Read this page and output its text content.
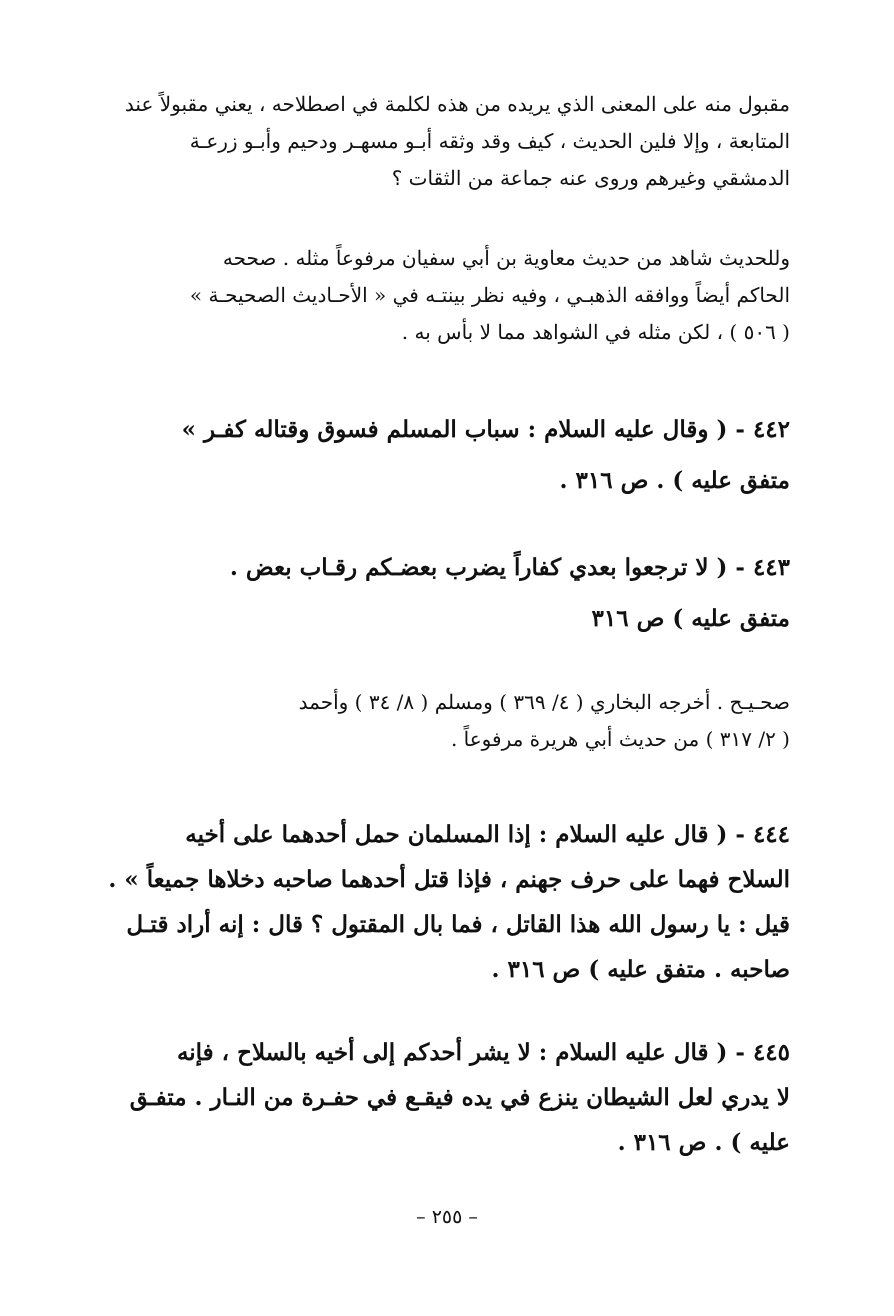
مقبول منه على المعنى الذي يريده من هذه لكلمة في اصطلاحه ، يعني مقبولاً عند
المتابعة ، وإلا فلين الحديث ، كيف وقد وثقه أبـو مسهـر ودحيم وأبـو زرعـة
الدمشقي وغيرهم وروى عنه جماعة من الثقات ؟
وللحديث شاهد من حديث معاوية بن أبي سفيان مرفوعاً مثله . صححه
الحاكم أيضاً ووافقه الذهبـي ، وفيه نظر بينتـه في « الأحـاديث الصحيحـة »
( ٥٠٦ ) ، لكن مثله في الشواهد مما لا بأس به .
٤٤٢ - ( وقال عليه السلام : سباب المسلم فسوق وقتاله كفـر »
متفق عليه ) . ص ٣١٦ .
٤٤٣ - ( لا ترجعوا بعدي كفاراً يضرب بعضـكم رقـاب بعض .
متفق عليه ) ص ٣١٦
صحـيـح . أخرجه البخاري ( ٤/ ٣٦٩ ) ومسلم ( ٨/ ٣٤ ) وأحمد
( ٢/ ٣١٧ ) من حديث أبي هريرة مرفوعاً .
٤٤٤ - ( قال عليه السلام : إذا المسلمان حمل أحدهما على أخيه
السلاح فهما على حرف جهنم ، فإذا قتل أحدهما صاحبه دخلاها جميعاً » .
قيل : يا رسول الله هذا القاتل ، فما بال المقتول ؟ قال : إنه أراد قتـل
صاحبه . متفق عليه ) ص ٣١٦ .
٤٤٥ - ( قال عليه السلام : لا يشر أحدكم إلى أخيه بالسلاح ، فإنه
لا يدري لعل الشيطان ينزع في يده فيقـع في حفـرة من النـار . متفـق
عليه ) . ص ٣١٦ .
– ٢٥٥ –
